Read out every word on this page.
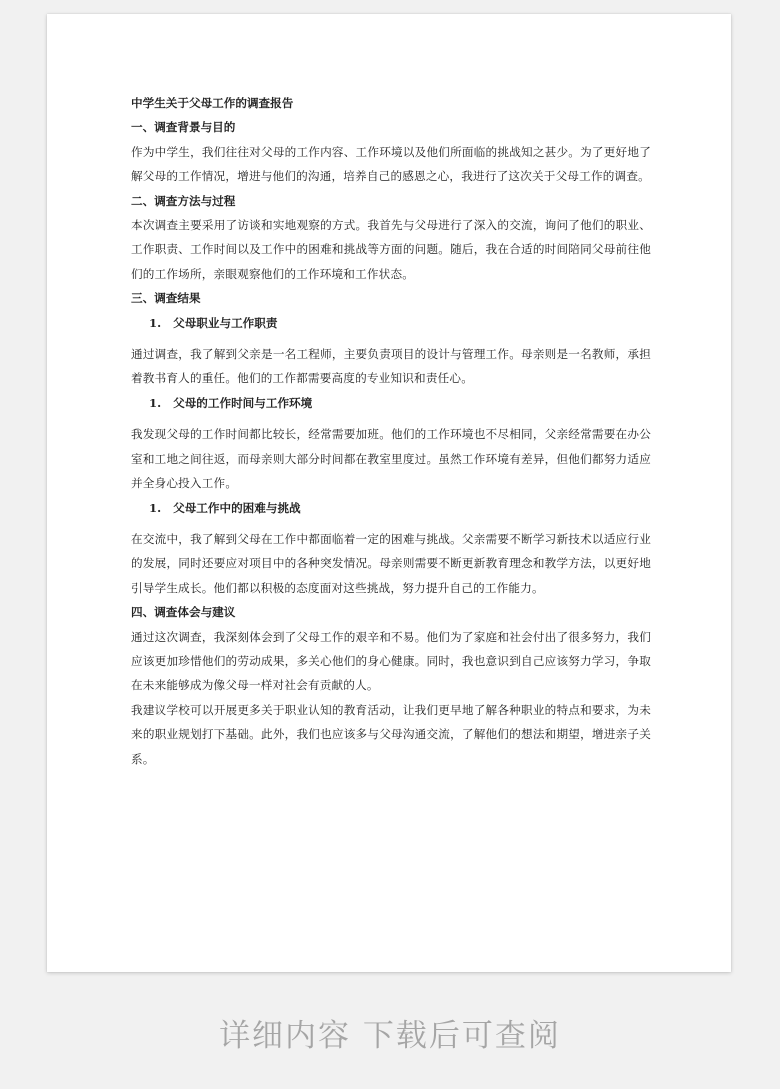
中学生关于父母工作的调查报告

一、调查背景与目的

作为中学生，我们往往对父母的工作内容、工作环境以及他们所面临的挑战知之甚少。为了更好地了解父母的工作情况，增进与他们的沟通，培养自己的感恩之心，我进行了这次关于父母工作的调查。

二、调查方法与过程

本次调查主要采用了访谈和实地观察的方式。我首先与父母进行了深入的交流，询问了他们的职业、工作职责、工作时间以及工作中的困难和挑战等方面的问题。随后，我在合适的时间陪同父母前往他们的工作场所，亲眼观察他们的工作环境和工作状态。

三、调查结果

1. 父母职业与工作职责

通过调查，我了解到父亲是一名工程师，主要负责项目的设计与管理工作。母亲则是一名教师，承担着教书育人的重任。他们的工作都需要高度的专业知识和责任心。

1. 父母的工作时间与工作环境

我发现父母的工作时间都比较长，经常需要加班。他们的工作环境也不尽相同，父亲经常需要在办公室和工地之间往返，而母亲则大部分时间都在教室里度过。虽然工作环境有差异，但他们都努力适应并全身心投入工作。

1. 父母工作中的困难与挑战

在交流中，我了解到父母在工作中都面临着一定的困难与挑战。父亲需要不断学习新技术以适应行业的发展，同时还要应对项目中的各种突发情况。母亲则需要不断更新教育理念和教学方法，以更好地引导学生成长。他们都以积极的态度面对这些挑战，努力提升自己的工作能力。

四、调查体会与建议

通过这次调查，我深刻体会到了父母工作的艰辛和不易。他们为了家庭和社会付出了很多努力，我们应该更加珍惜他们的劳动成果，多关心他们的身心健康。同时，我也意识到自己应该努力学习，争取在未来能够成为像父母一样对社会有贡献的人。

我建议学校可以开展更多关于职业认知的教育活动，让我们更早地了解各种职业的特点和要求，为未来的职业规划打下基础。此外，我们也应该多与父母沟通交流，了解他们的想法和期望，增进亲子关系。

详细内容 下载后可查阅
